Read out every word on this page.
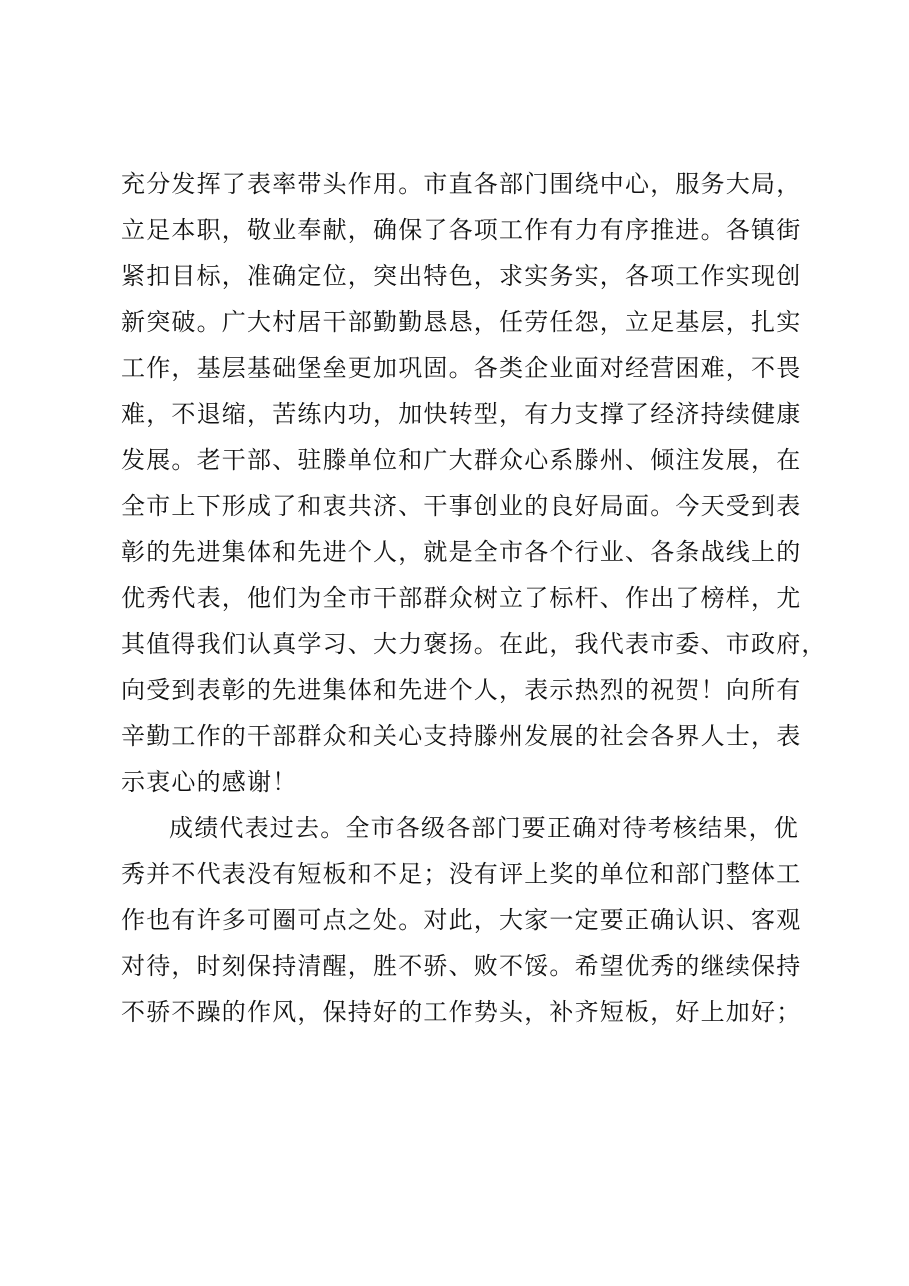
充分发挥了表率带头作用。市直各部门围绕中心，服务大局，
立足本职，敬业奉献，确保了各项工作有力有序推进。各镇街
紧扣目标，准确定位，突出特色，求实务实，各项工作实现创
新突破。广大村居干部勤勤恳恳，任劳任怨，立足基层，扎实
工作，基层基础堡垒更加巩固。各类企业面对经营困难，不畏
难，不退缩，苦练内功，加快转型，有力支撑了经济持续健康
发展。老干部、驻滕单位和广大群众心系滕州、倾注发展，在
全市上下形成了和衷共济、干事创业的良好局面。今天受到表
彰的先进集体和先进个人，就是全市各个行业、各条战线上的
优秀代表，他们为全市干部群众树立了标杆、作出了榜样，尤
其值得我们认真学习、大力褒扬。在此，我代表市委、市政府，
向受到表彰的先进集体和先进个人，表示热烈的祝贺！向所有
辛勤工作的干部群众和关心支持滕州发展的社会各界人士，表
示衷心的感谢！
成绩代表过去。全市各级各部门要正确对待考核结果，优
秀并不代表没有短板和不足；没有评上奖的单位和部门整体工
作也有许多可圈可点之处。对此，大家一定要正确认识、客观
对待，时刻保持清醒，胜不骄、败不馁。希望优秀的继续保持
不骄不躁的作风，保持好的工作势头，补齐短板，好上加好；
